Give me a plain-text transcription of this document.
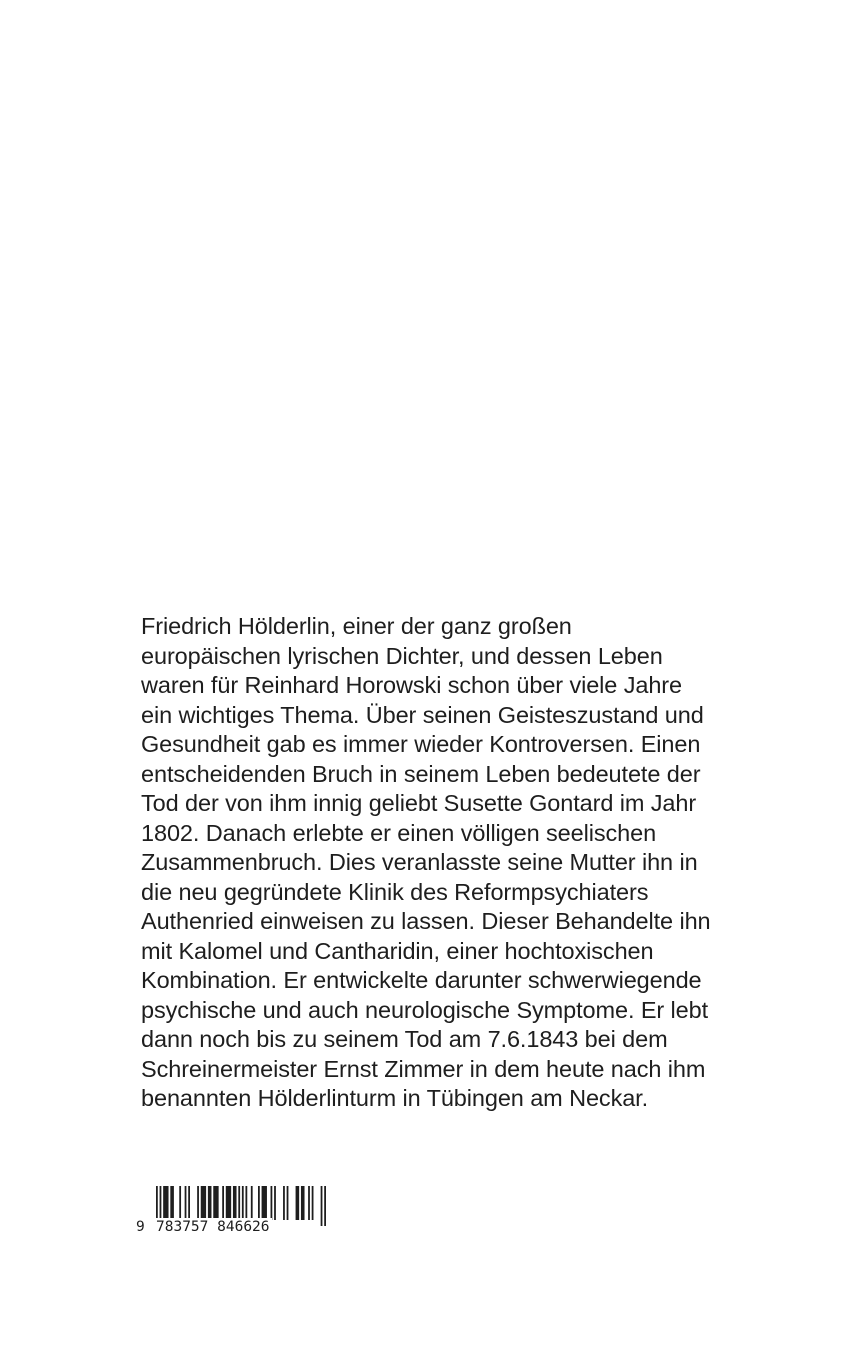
Friedrich Hölderlin, einer der ganz großen
europäischen lyrischen Dichter, und dessen Leben
waren für Reinhard Horowski schon über viele Jahre
ein wichtiges Thema. Über seinen Geisteszustand und
Gesundheit gab es immer wieder Kontroversen. Einen
entscheidenden Bruch in seinem Leben bedeutete der
Tod der von ihm innig geliebt Susette Gontard im Jahr
1802. Danach erlebte er einen völligen seelischen
Zusammenbruch. Dies veranlasste seine Mutter ihn in
die neu gegründete Klinik des Reformpsychiaters
Authenried einweisen zu lassen. Dieser Behandelte ihn
mit Kalomel und Cantharidin, einer hochtoxischen
Kombination. Er entwickelte darunter schwerwiegende
psychische und auch neurologische Symptome. Er lebt
dann noch bis zu seinem Tod am 7.6.1843 bei dem
Schreinermeister Ernst Zimmer in dem heute nach ihm
benannten Hölderlinturm in Tübingen am Neckar.
9 783757 846626
